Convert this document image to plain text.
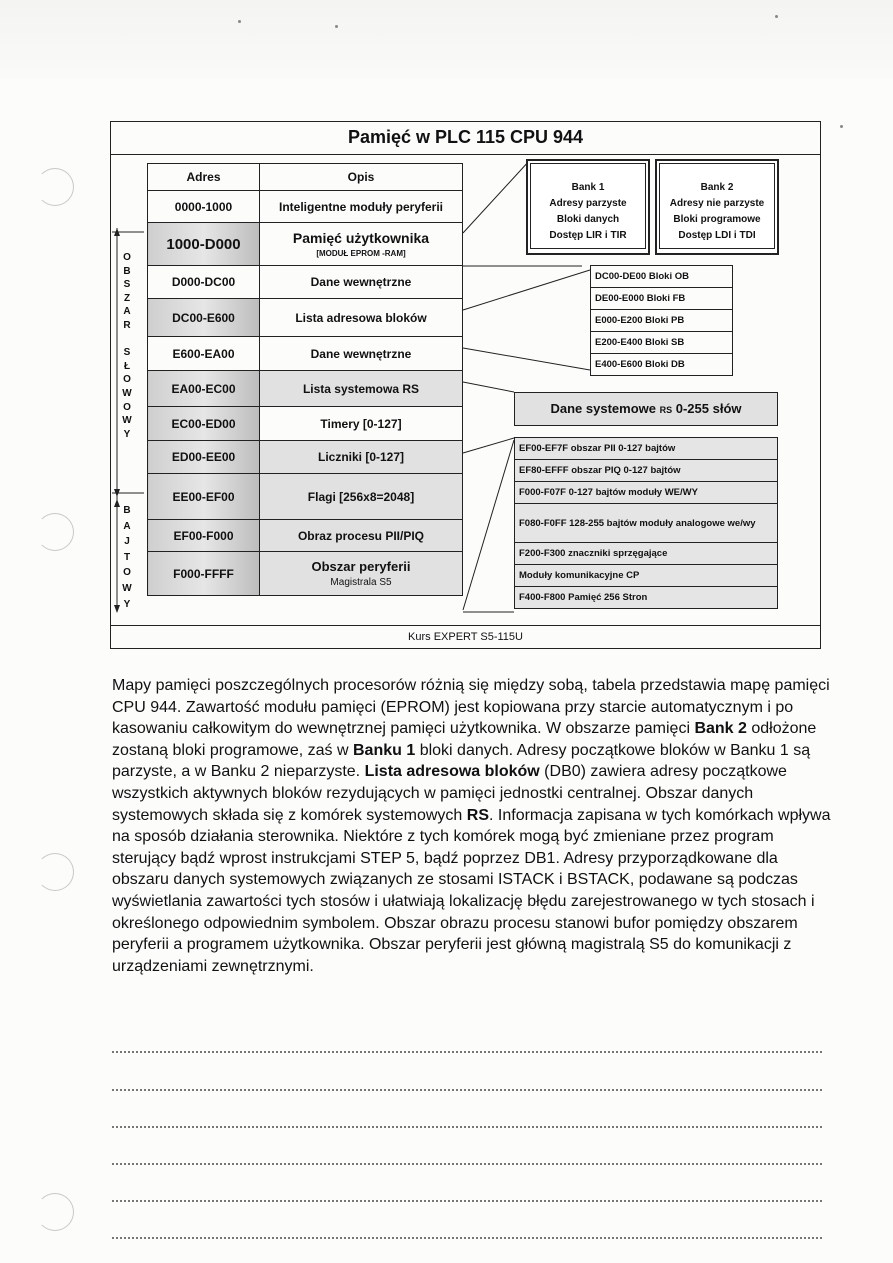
Pamięć w PLC 115 CPU 944
Kurs EXPERT S5-115U
Adres	Opis
0000-1000	Inteligentne moduły peryferii
1000-D000	Pamięć użytkownika
[MODUŁ EPROM -RAM]

D000-DC00	Dane wewnętrzne
DC00-E600	Lista adresowa bloków
E600-EA00	Dane wewnętrzne
EA00-EC00	Lista systemowa RS
EC00-ED00	Timery [0-127]
ED00-EE00	Liczniki [0-127]
EE00-EF00	Flagi [256x8=2048]
EF00-F000	Obraz procesu PII/PIQ
F000-FFFF	Obszar peryferii
Magistrala S5
O
B
S
Z
A
R
S
Ł
O
W
O
W
Y
B
A
J
T
O
W
Y
Bank 1
Adresy parzyste
Bloki danych
Dostęp LIR i TIR
Bank 2
Adresy nie parzyste
Bloki programowe
Dostęp LDI i TDI
DC00-DE00 Bloki OB
DE00-E000 Bloki FB
E000-E200 Bloki PB
E200-E400 Bloki SB
E400-E600 Bloki DB
Dane systemowe RS 0-255 słów
EF00-EF7F obszar PII 0-127 bajtów
EF80-EFFF obszar PIQ 0-127 bajtów
F000-F07F 0-127 bajtów moduły WE/WY
F080-F0FF 128-255 bajtów moduły analogowe we/wy
F200-F300 znaczniki sprzęgające
Moduły komunikacyjne CP
F400-F800 Pamięć 256 Stron
Mapy pamięci poszczególnych procesorów różnią się między sobą, tabela przedstawia mapę pamięci CPU 944. Zawartość modułu pamięci (EPROM) jest kopiowana przy starcie automatycznym i po kasowaniu całkowitym do wewnętrznej pamięci użytkownika. W obszarze pamięci Bank 2 odłożone zostaną bloki programowe, zaś w Banku 1 bloki danych. Adresy początkowe bloków w Banku 1 są parzyste, a w Banku 2 nieparzyste. Lista adresowa bloków (DB0) zawiera adresy początkowe wszystkich aktywnych bloków rezydujących w pamięci jednostki centralnej. Obszar danych systemowych składa się z komórek systemowych RS. Informacja zapisana w tych komórkach wpływa na sposób działania sterownika. Niektóre z tych komórek mogą być zmieniane przez program sterujący bądź wprost instrukcjami STEP 5, bądź poprzez DB1. Adresy przyporządkowane dla obszaru danych systemowych związanych ze stosami ISTACK i BSTACK, podawane są podczas wyświetlania zawartości tych stosów i ułatwiają lokalizację błędu zarejestrowanego w tych stosach i określonego odpowiednim symbolem. Obszar obrazu procesu stanowi bufor pomiędzy obszarem peryferii a programem użytkownika. Obszar peryferii jest główną magistralą S5 do komunikacji z urządzeniami zewnętrznymi.
